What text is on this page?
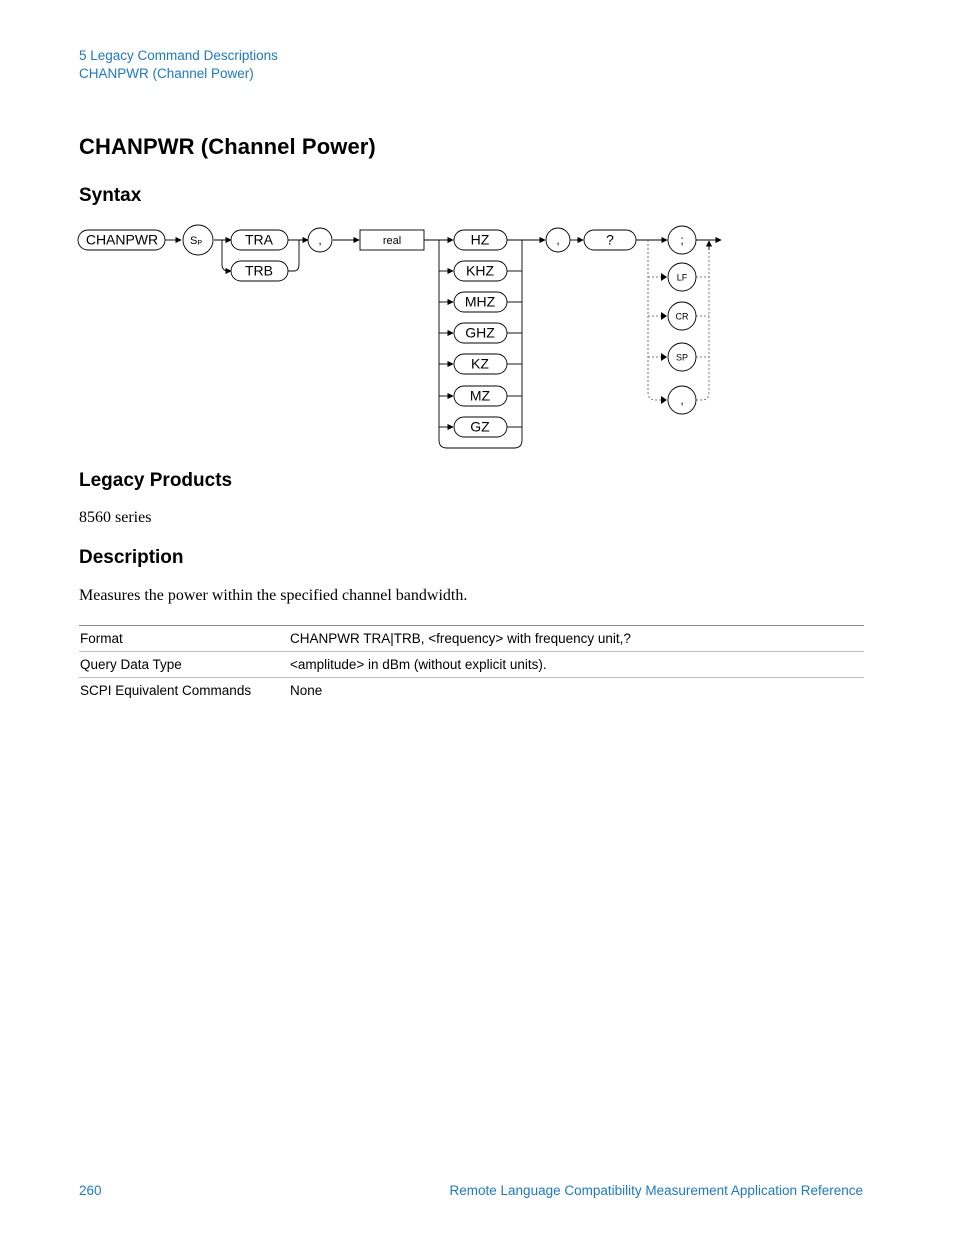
5 Legacy Command Descriptions
CHANPWR (Channel Power)
CHANPWR (Channel Power)
Syntax
CHANPWR	SP	TRA
TRB
,	real	HZ
KHZ
MHZ
GHZ
KZ
MZ
GZ
,	?	;
LF
CR
SP
,
Legacy Products

8560 series

Description

Measures the power within the specified channel bandwidth.

Format	CHANPWR TRA|TRB, <frequency> with frequency unit,?
Query Data Type	<amplitude> in dBm (without explicit units).
SCPI Equivalent Commands	None
260	Remote Language Compatibility Measurement Application Reference
